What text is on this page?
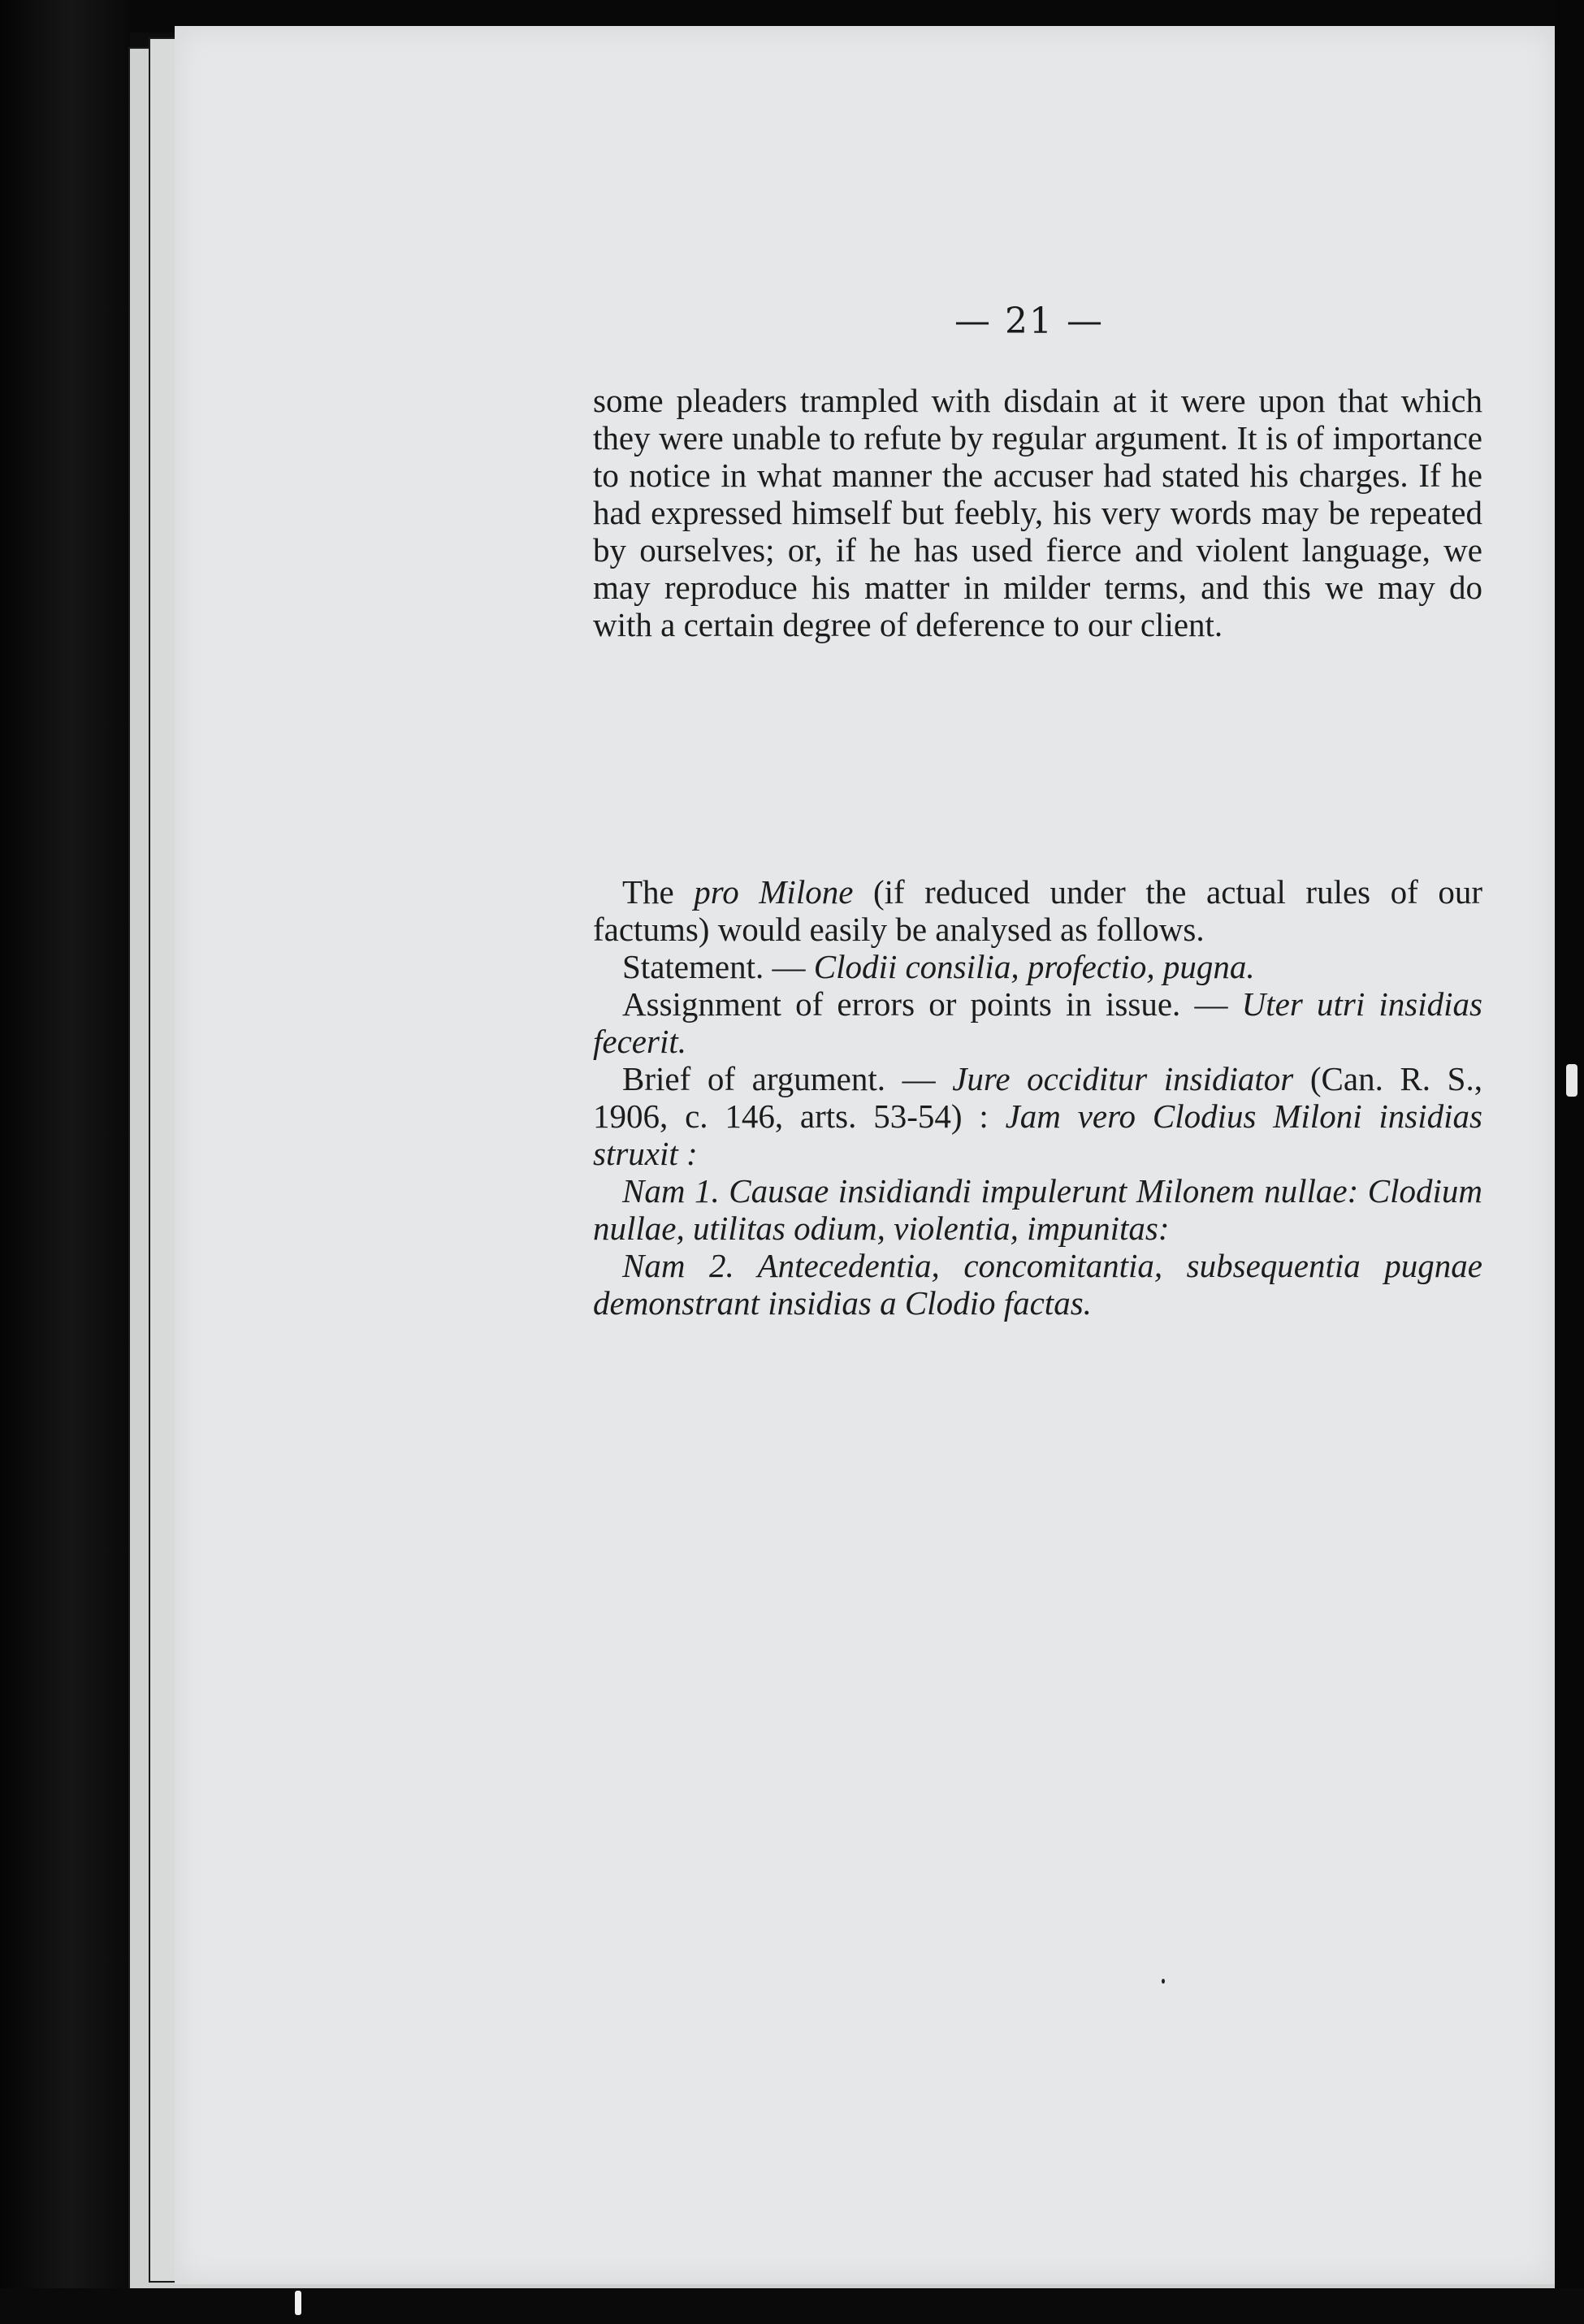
— 21 —
some pleaders trampled with disdain at it were upon that which they were unable to refute by regular argument. It is of importance to notice in what manner the accuser had stated his charges. If he had expressed himself but feebly, his very words may be repeated by ourselves; or, if he has used fierce and violent language, we may reproduce his matter in milder terms, and this we may do with a certain degree of deference to our client.

The pro Milone (if reduced under the actual rules of our factums) would easily be analysed as follows.

Statement. — Clodii consilia, profectio, pugna.

Assignment of errors or points in issue. — Uter utri insidias fecerit.

Brief of argument. — Jure occiditur insidiator (Can. R. S., 1906, c. 146, arts. 53-54) : Jam vero Clodius Miloni insidias struxit :

Nam 1. Causae insidiandi impulerunt Milonem nullae: Clodium nullae, utilitas odium, violentia, impunitas:

Nam 2. Antecedentia, concomitantia, subsequentia pugnae demonstrant insidias a Clodio factas.
